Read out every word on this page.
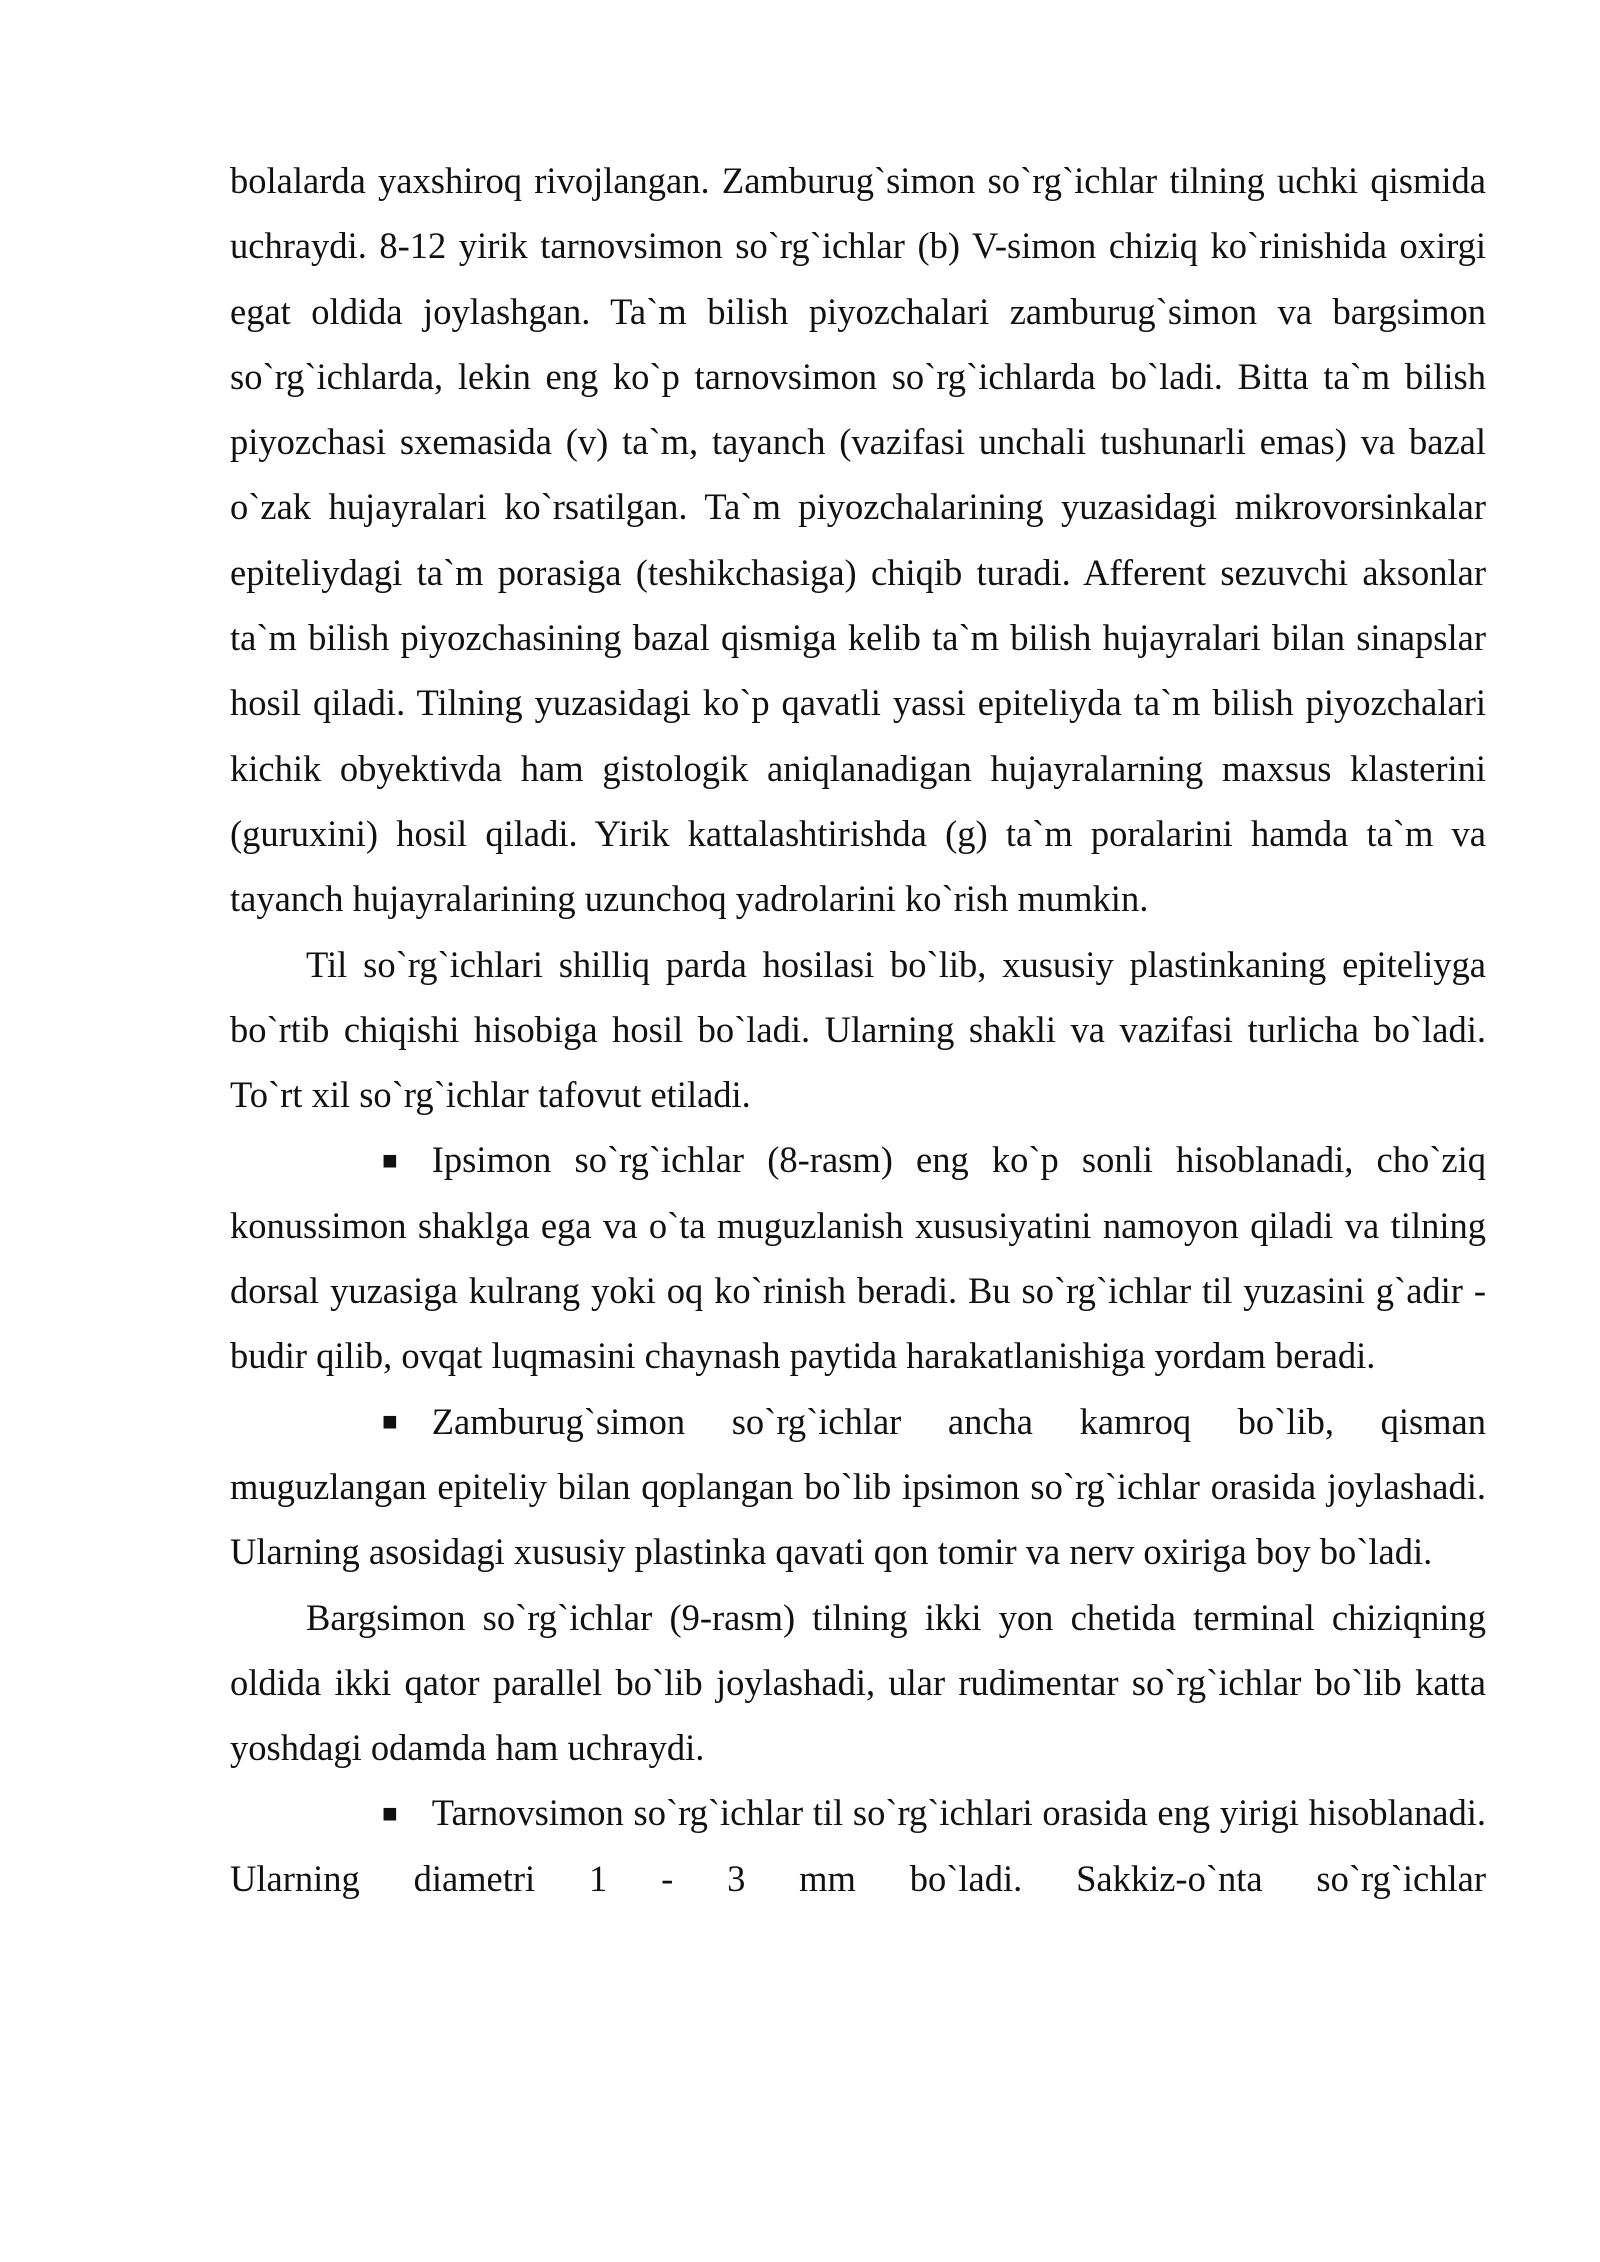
bolalarda yaxshiroq rivojlangan. Zamburug`simon so`rg`ichlar tilning uchki qismida uchraydi. 8-12 yirik tarnovsimon so`rg`ichlar (b) V-simon chiziq ko`rinishida oxirgi egat oldida joylashgan. Ta`m bilish piyozchalari zamburug`simon va bargsimon so`rg`ichlarda, lekin eng ko`p tarnovsimon so`rg`ichlarda bo`ladi. Bitta ta`m bilish piyozchasi sxemasida (v) ta`m, tayanch (vazifasi unchali tushunarli emas) va bazal o`zak hujayralari ko`rsatilgan. Ta`m piyozchalarining yuzasidagi mikrovorsinkalar epiteliydagi ta`m porasiga (teshikchasiga) chiqib turadi. Afferent sezuvchi aksonlar ta`m bilish piyozchasining bazal qismiga kelib ta`m bilish hujayralari bilan sinapslar hosil qiladi. Tilning yuzasidagi ko`p qavatli yassi epiteliyda ta`m bilish piyozchalari kichik obyektivda ham gistologik aniqlanadigan hujayralarning maxsus klasterini (guruxini) hosil qiladi. Yirik kattalashtirishda (g) ta`m poralarini hamda ta`m va tayanch hujayralarining uzunchoq yadrolarini ko`rish mumkin.

Til so`rg`ichlari shilliq parda hosilasi bo`lib, xususiy plastinkaning epiteliyga bo`rtib chiqishi hisobiga hosil bo`ladi. Ularning shakli va vazifasi turlicha bo`ladi. To`rt xil so`rg`ichlar tafovut etiladi.

■ Ipsimon so`rg`ichlar (8-rasm) eng ko`p sonli hisoblanadi, cho`ziq konussimon shaklga ega va o`ta muguzlanish xususiyatini namoyon qiladi va tilning dorsal yuzasiga kulrang yoki oq ko`rinish beradi. Bu so`rg`ichlar til yuzasini g`adir -budir qilib, ovqat luqmasini chaynash paytida harakatlanishiga yordam beradi.

■ Zamburug`simon so`rg`ichlar ancha kamroq bo`lib, qisman muguzlangan epiteliy bilan qoplangan bo`lib ipsimon so`rg`ichlar orasida joylashadi. Ularning asosidagi xususiy plastinka qavati qon tomir va nerv oxiriga boy bo`ladi.

Bargsimon so`rg`ichlar (9-rasm) tilning ikki yon chetida terminal chiziqning oldida ikki qator parallel bo`lib joylashadi, ular rudimentar so`rg`ichlar bo`lib katta yoshdagi odamda ham uchraydi.

■ Tarnovsimon so`rg`ichlar til so`rg`ichlari orasida eng yirigi hisoblanadi. Ularning diametri 1 - 3 mm bo`ladi. Sakkiz-o`nta so`rg`ichlar
